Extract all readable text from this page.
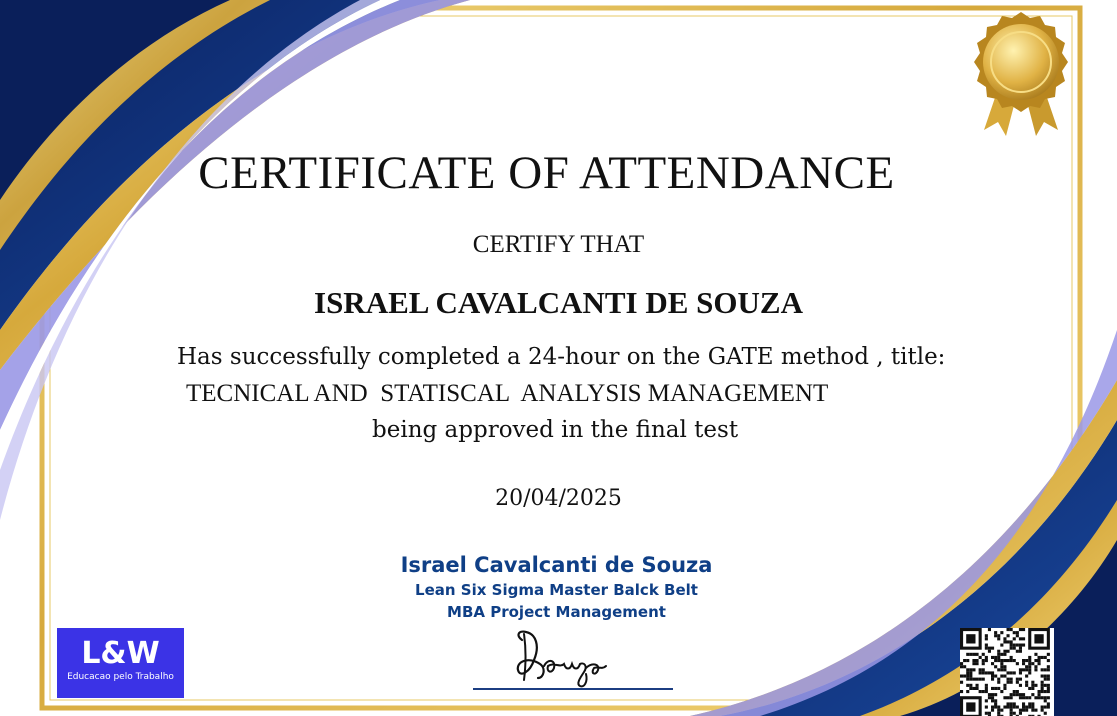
CERTIFICATE OF ATTENDANCE
CERTIFY THAT
ISRAEL CAVALCANTI DE SOUZA
Has successfully completed a 24-hour on the GATE method , title:
TECNICAL AND  STATISCAL  ANALYSIS MANAGEMENT
being approved in the final test
20/04/2025
Israel Cavalcanti de Souza
Lean Six Sigma Master Balck Belt
MBA Project Management
L&W
Educacao pelo Trabalho
